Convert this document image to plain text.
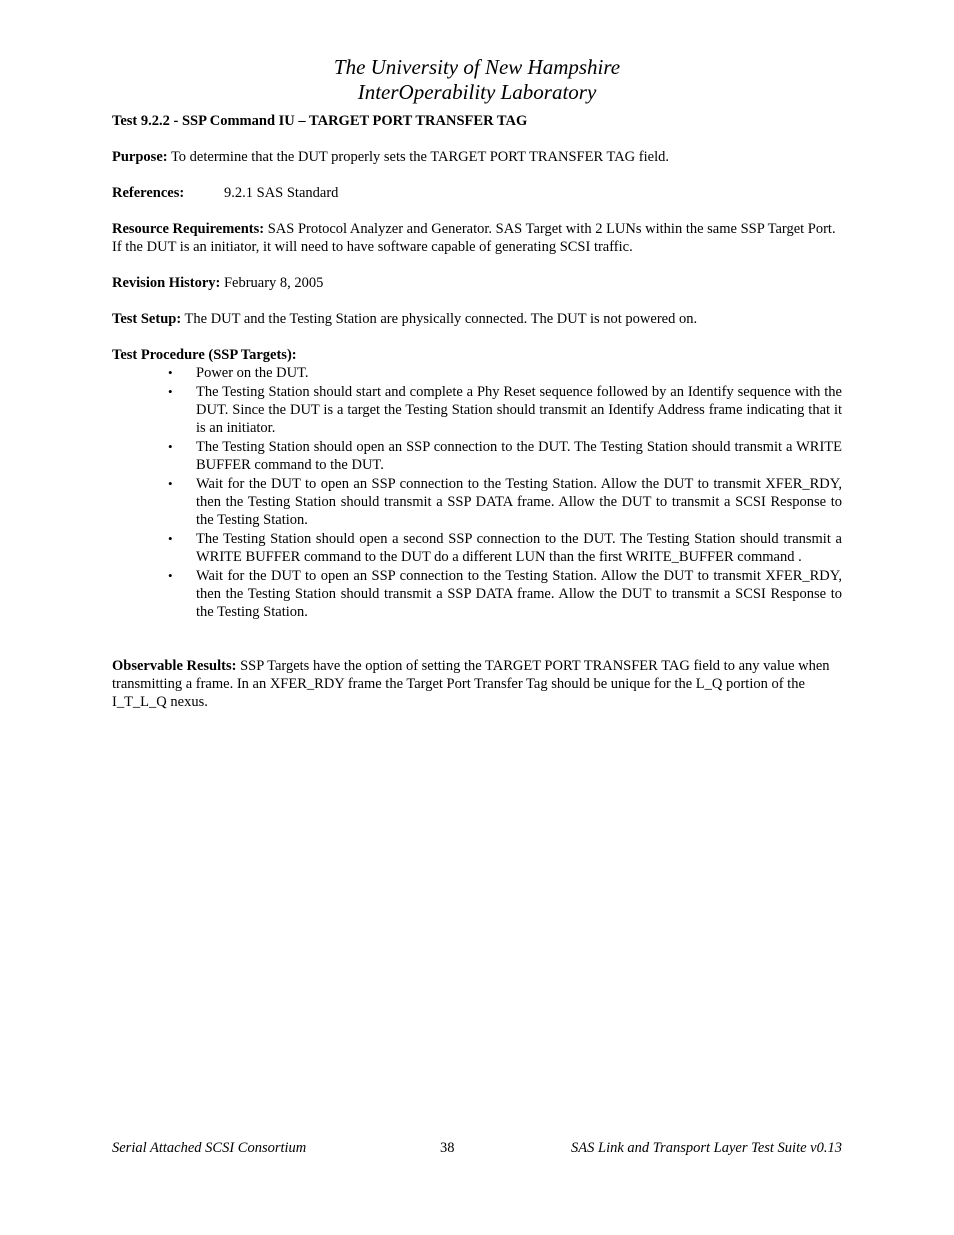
The University of New Hampshire
InterOperability Laboratory

Test 9.2.2 - SSP Command IU – TARGET PORT TRANSFER TAG

Purpose: To determine that the DUT properly sets the TARGET PORT TRANSFER TAG field.

References:	9.2.1 SAS Standard

Resource Requirements: SAS Protocol Analyzer and Generator. SAS Target with 2 LUNs within the same SSP Target Port. If the DUT is an initiator, it will need to have software capable of generating SCSI traffic.

Revision History: February 8, 2005

Test Setup: The DUT and the Testing Station are physically connected. The DUT is not powered on.

Test Procedure (SSP Targets):

• Power on the DUT.
• The Testing Station should start and complete a Phy Reset sequence followed by an Identify sequence with the DUT. Since the DUT is a target the Testing Station should transmit an Identify Address frame indicating that it is an initiator.
• The Testing Station should open an SSP connection to the DUT. The Testing Station should transmit a WRITE BUFFER command to the DUT.
• Wait for the DUT to open an SSP connection to the Testing Station. Allow the DUT to transmit XFER_RDY, then the Testing Station should transmit a SSP DATA frame. Allow the DUT to transmit a SCSI Response to the Testing Station.
• The Testing Station should open a second SSP connection to the DUT. The Testing Station should transmit a WRITE BUFFER command to the DUT do a different LUN than the first WRITE_BUFFER command .
• Wait for the DUT to open an SSP connection to the Testing Station. Allow the DUT to transmit XFER_RDY, then the Testing Station should transmit a SSP DATA frame. Allow the DUT to transmit a SCSI Response to the Testing Station.

Observable Results: SSP Targets have the option of setting the TARGET PORT TRANSFER TAG field to any value when transmitting a frame. In an XFER_RDY frame the Target Port Transfer Tag should be unique for the L_Q portion of the I_T_L_Q nexus.

Serial Attached SCSI Consortium	38	SAS Link and Transport Layer Test Suite v0.13
